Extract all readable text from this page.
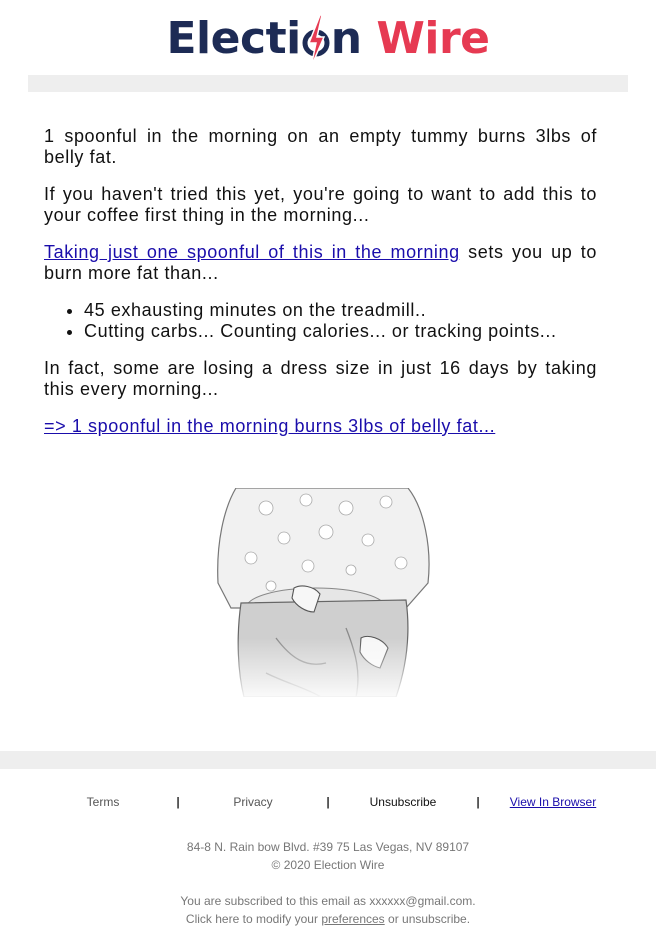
Electi n Wire

1 spoonful in the morning on an empty tummy burns 3lbs of belly fat.

If you haven't tried this yet, you're going to want to add this to your coffee first thing in the morning...

Taking just one spoonful of this in the morning sets you up to burn more fat than...

• 45 exhausting minutes on the treadmill..
• Cutting carbs... Counting calories... or tracking points...

In fact, some are losing a dress size in just 16 days by taking this every morning...

=> 1 spoonful in the morning burns 3lbs of belly fat...

Terms	|	Privacy	|	Unsubscribe	|	View In Browser
84-8 N. Rain bow Blvd. #39 75 Las Vegas, NV 89107
© 2020 Election Wire
You are subscribed to this email as xxxxxx@gmail.com.
Click here to modify your preferences or unsubscribe.
